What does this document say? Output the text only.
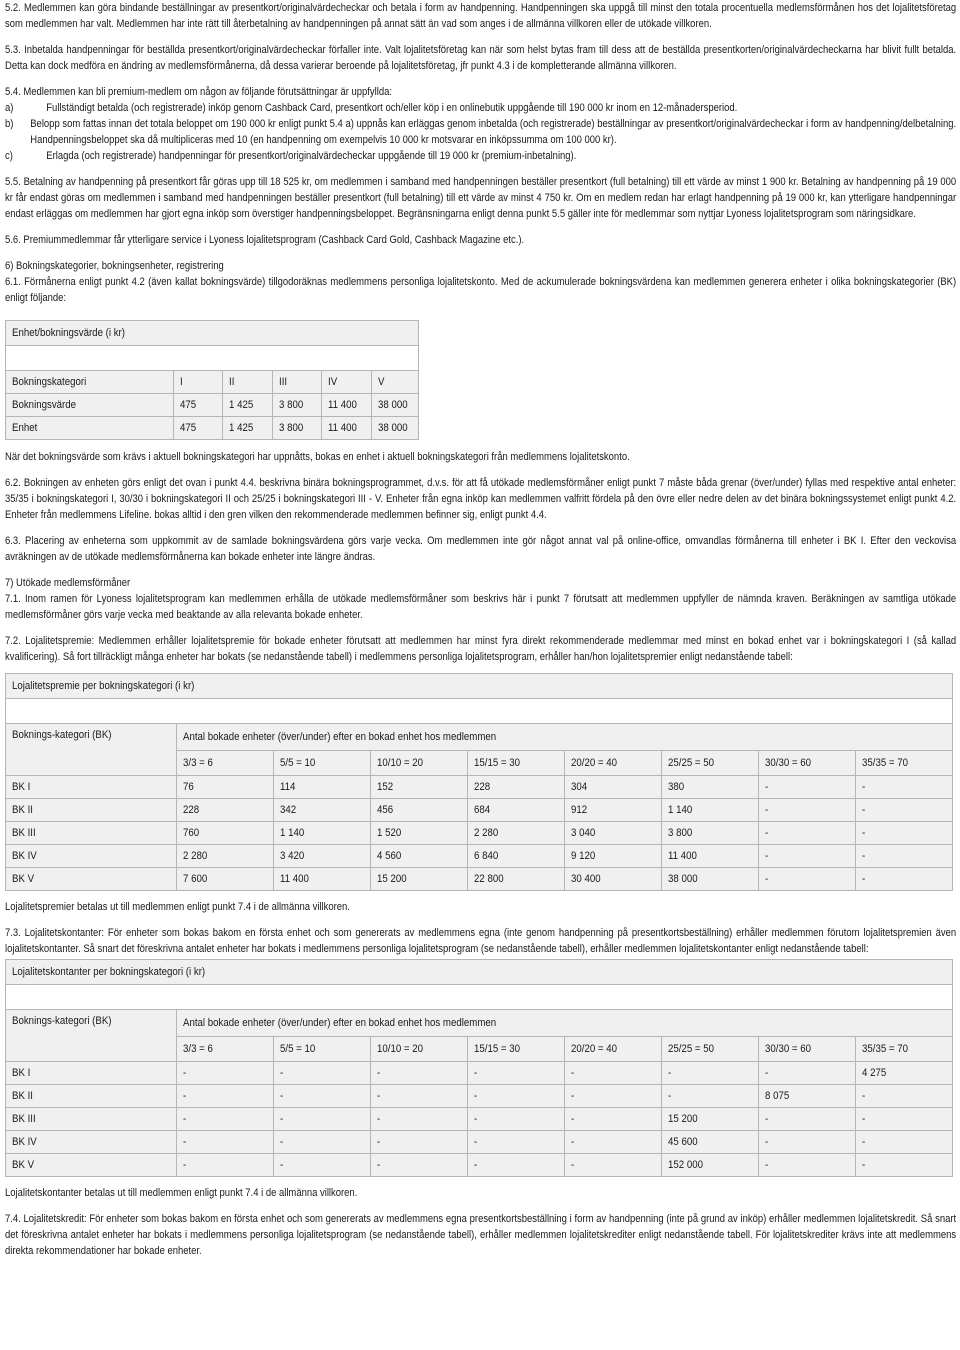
5.2. Medlemmen kan göra bindande beställningar av presentkort/originalvärdecheckar och betala i form av handpenning. Handpenningen ska uppgå till minst den totala procentuella medlemsförmånen hos det lojalitetsföretag som medlemmen har valt. Medlemmen har inte rätt till återbetalning av handpenningen på annat sätt än vad som anges i de allmänna villkoren eller de utökade villkoren.

5.3. Inbetalda handpenningar för beställda presentkort/originalvärdecheckar förfaller inte. Valt lojalitetsföretag kan när som helst bytas fram till dess att de beställda presentkorten/originalvärdecheckarna har blivit fullt betalda. Detta kan dock medföra en ändring av medlemsförmånerna, då dessa varierar beroende på lojalitetsföretag, jfr punkt 4.3 i de kompletterande allmänna villkoren.

5.4. Medlemmen kan bli premium-medlem om någon av följande förutsättningar är uppfyllda:

a)	Fullständigt betalda (och registrerade) inköp genom Cashback Card, presentkort och/eller köp i en onlinebutik uppgående till 190 000 kr inom en 12-månadersperiod.

b)	Belopp som fattas innan det totala beloppet om 190 000 kr enligt punkt 5.4 a) uppnås kan erläggas genom inbetalda (och registrerade) beställningar av presentkort/originalvärdecheckar i form av handpenning/delbetalning. Handpenningsbeloppet ska då multipliceras med 10 (en handpenning om exempelvis 10 000 kr motsvarar en inköpssumma om 100 000 kr).

c)	Erlagda (och registrerade) handpenningar för presentkort/originalvärdecheckar uppgående till 19 000 kr (premium-inbetalning).

5.5. Betalning av handpenning på presentkort får göras upp till 18 525 kr, om medlemmen i samband med handpenningen beställer presentkort (full betalning) till ett värde av minst 1 900 kr. Betalning av handpenning på 19 000 kr får endast göras om medlemmen i samband med handpenningen beställer presentkort (full betalning) till ett värde av minst 4 750 kr. Om en medlem redan har erlagt handpenning på 19 000 kr, kan ytterligare handpenningar endast erläggas om medlemmen har gjort egna inköp som överstiger handpenningsbeloppet. Begränsningarna enligt denna punkt 5.5 gäller inte för medlemmar som nyttjar Lyoness lojalitetsprogram som näringsidkare.

5.6. Premiummedlemmar får ytterligare service i Lyoness lojalitetsprogram (Cashback Card Gold, Cashback Magazine etc.).

6) Bokningskategorier, bokningsenheter, registrering

6.1. Förmånerna enligt punkt 4.2 (även kallat bokningsvärde) tillgodoräknas medlemmens personliga lojalitetskonto. Med de ackumulerade bokningsvärdena kan medlemmen generera enheter i olika bokningskategorier (BK) enligt följande:

Enhet/bokningsvärde (i kr)					

Bokningskategori	I	II	III	IV	V
Bokningsvärde	475	1 425	3 800	11 400	38 000
Enhet	475	1 425	3 800	11 400	38 000

När det bokningsvärde som krävs i aktuell bokningskategori har uppnåtts, bokas en enhet i aktuell bokningskategori från medlemmens lojalitetskonto.

6.2. Bokningen av enheten görs enligt det ovan i punkt 4.4. beskrivna binära bokningsprogrammet, d.v.s. för att få utökade medlemsförmåner enligt punkt 7 måste båda grenar (över/under) fyllas med respektive antal enheter: 35/35 i bokningskategori I, 30/30 i bokningskategori II och 25/25 i bokningskategori III - V. Enheter från egna inköp kan medlemmen valfritt fördela på den övre eller nedre delen av det binära bokningssystemet enligt punkt 4.2. Enheter från medlemmens Lifeline. bokas alltid i den gren vilken den rekommenderade medlemmen befinner sig, enligt punkt 4.4.

6.3. Placering av enheterna som uppkommit av de samlade bokningsvärdena görs varje vecka. Om medlemmen inte gör något annat val på online-office, omvandlas förmånerna till enheter i BK I. Efter den veckovisa avräkningen av de utökade medlemsförmånerna kan bokade enheter inte längre ändras.

7) Utökade medlemsförmåner

7.1. Inom ramen för Lyoness lojalitetsprogram kan medlemmen erhålla de utökade medlemsförmåner som beskrivs här i punkt 7 förutsatt att medlemmen uppfyller de nämnda kraven. Beräkningen av samtliga utökade medlemsförmåner görs varje vecka med beaktande av alla relevanta bokade enheter.

7.2. Lojalitetspremie: Medlemmen erhåller lojalitetspremie för bokade enheter förutsatt att medlemmen har minst fyra direkt rekommenderade medlemmar med minst en bokad enhet var i bokningskategori I (så kallad kvalificering). Så fort tillräckligt många enheter har bokats (se nedanstående tabell) i medlemmens personliga lojalitetsprogram, erhåller han/hon lojalitetspremier enligt nedanstående tabell:

Lojalitetspremie per bokningskategori (i kr)								

Boknings-kategori (BK)	Antal bokade enheter (över/under) efter en bokad enhet hos medlemmen							
	3/3 = 6	5/5 = 10	10/10 = 20	15/15 = 30	20/20 = 40	25/25 = 50	30/30 = 60	35/35 = 70
BK I	76	114	152	228	304	380	-	-
BK II	228	342	456	684	912	1 140	-	-
BK III	760	1 140	1 520	2 280	3 040	3 800	-	-
BK IV	2 280	3 420	4 560	6 840	9 120	11 400	-	-
BK V	7 600	11 400	15 200	22 800	30 400	38 000	-	-

Lojalitetspremier betalas ut till medlemmen enligt punkt 7.4 i de allmänna villkoren.

7.3. Lojalitetskontanter: För enheter som bokas bakom en första enhet och som genererats av medlemmens egna (inte genom handpenning på presentkortsbeställning) erhåller medlemmen förutom lojalitetspremien även lojalitetskontanter. Så snart det föreskrivna antalet enheter har bokats i medlemmens personliga lojalitetsprogram (se nedanstående tabell), erhåller medlemmen lojalitetskontanter enligt nedanstående tabell:

Lojalitetskontanter per bokningskategori (i kr)								

Boknings-kategori (BK)	Antal bokade enheter (över/under) efter en bokad enhet hos medlemmen							
	3/3 = 6	5/5 = 10	10/10 = 20	15/15 = 30	20/20 = 40	25/25 = 50	30/30 = 60	35/35 = 70
BK I	-	-	-	-	-	-	-	4 275
BK II	-	-	-	-	-	-	8 075	-
BK III	-	-	-	-	-	15 200	-	-
BK IV	-	-	-	-	-	45 600	-	-
BK V	-	-	-	-	-	152 000	-	-

Lojalitetskontanter betalas ut till medlemmen enligt punkt 7.4 i de allmänna villkoren.

7.4. Lojalitetskredit: För enheter som bokas bakom en första enhet och som genererats av medlemmens egna presentkortsbeställning i form av handpenning (inte på grund av inköp) erhåller medlemmen lojalitetskredit. Så snart det föreskrivna antalet enheter har bokats i medlemmens personliga lojalitetsprogram (se nedanstående tabell), erhåller medlemmen lojalitetskrediter enligt nedanstående tabell. För lojalitetskrediter krävs inte att medlemmens direkta rekommendationer har bokade enheter.
